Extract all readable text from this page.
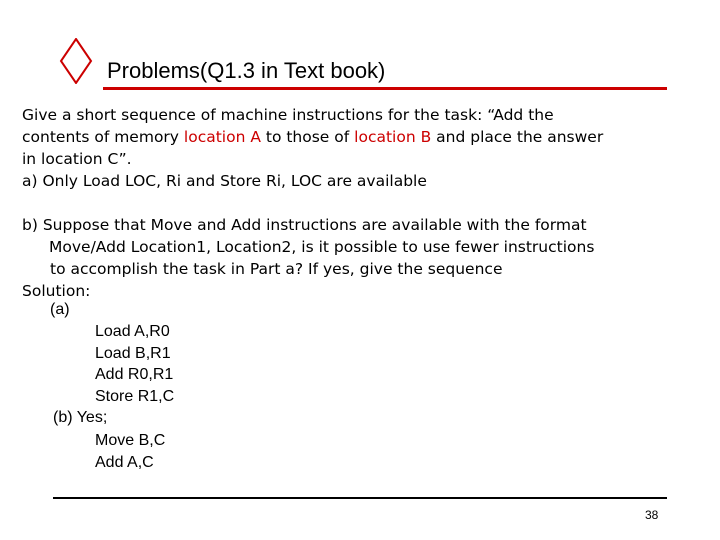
Problems(Q1.3 in Text book)
Give a short sequence of machine instructions for the task: “Add the
contents of memory location A to those of location B and place the answer
in location C”.
a) Only Load LOC, Ri and Store Ri, LOC are available

b) Suppose that Move and Add instructions are available with the format
Move/Add Location1, Location2, is it possible to use fewer instructions
to accomplish the task in Part a? If yes, give the sequence
Solution:
(a)
Load A,R0
Load B,R1
Add R0,R1
Store R1,C
(b) Yes;
Move B,C
Add A,C
38
